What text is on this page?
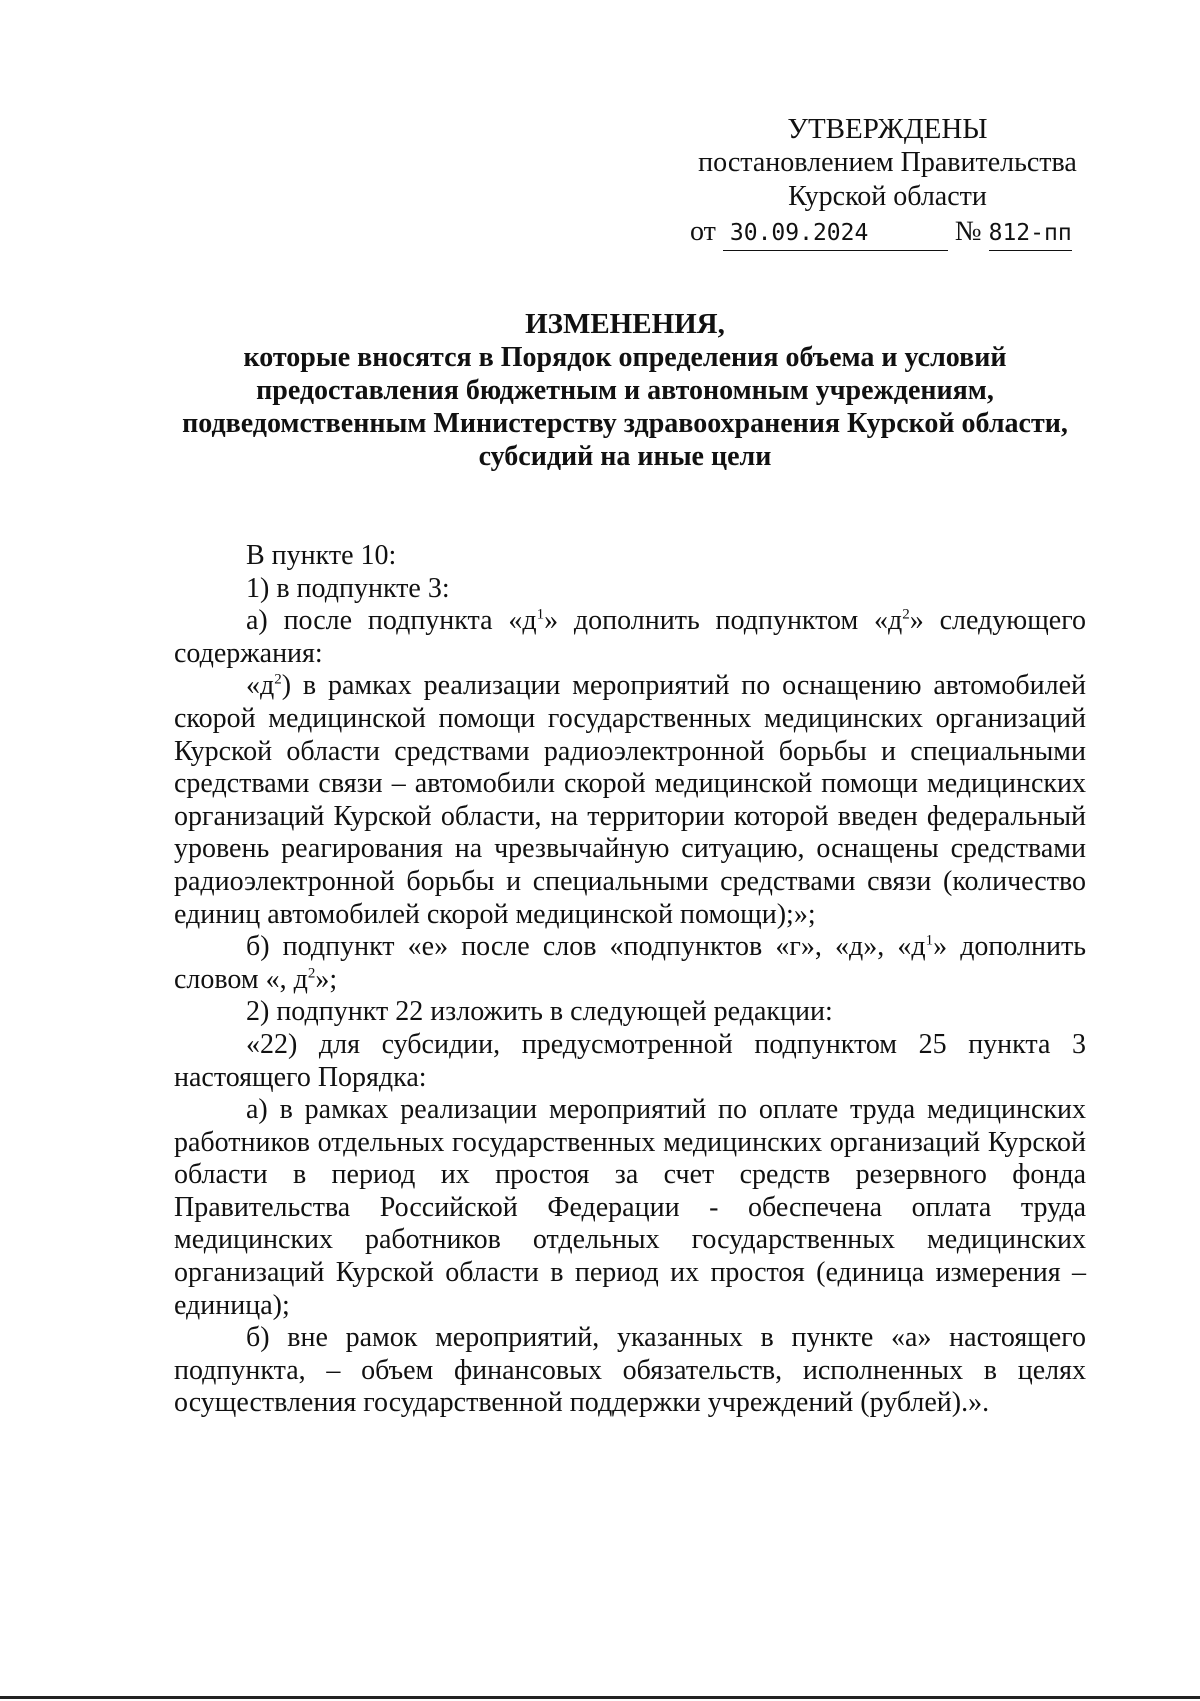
УТВЕРЖДЕНЫ
постановлением Правительства
Курской области
от 30.09.2024	№ 812-пп
ИЗМЕНЕНИЯ,
которые вносятся в Порядок определения объема и условий
предоставления бюджетным и автономным учреждениям,
подведомственным Министерству здравоохранения Курской области,
субсидий на иные цели

В пункте 10:

1) в подпункте 3:

а) после подпункта «$д^1$» дополнить подпунктом «$д^2$» следующего содержания:

«$д^2$) в рамках реализации мероприятий по оснащению автомобилей скорой медицинской помощи государственных медицинских организаций Курской области средствами радиоэлектронной борьбы и специальными средствами связи – автомобили скорой медицинской помощи медицинских организаций Курской области, на территории которой введен федеральный уровень реагирования на чрезвычайную ситуацию, оснащены средствами радиоэлектронной борьбы и специальными средствами связи (количество единиц автомобилей скорой медицинской помощи);»;

б) подпункт «е» после слов «подпунктов «г», «д», «$д^1$» дополнить словом «, $д^2$»;

2) подпункт 22 изложить в следующей редакции:

«22) для субсидии, предусмотренной подпунктом 25 пункта 3 настоящего Порядка:

а) в рамках реализации мероприятий по оплате труда медицинских работников отдельных государственных медицинских организаций Курской области в период их простоя за счет средств резервного фонда Правительства Российской Федерации - обеспечена оплата труда медицинских работников отдельных государственных медицинских организаций Курской области в период их простоя (единица измерения – единица);

б) вне рамок мероприятий, указанных в пункте «а» настоящего подпункта, – объем финансовых обязательств, исполненных в целях осуществления государственной поддержки учреждений (рублей).».
